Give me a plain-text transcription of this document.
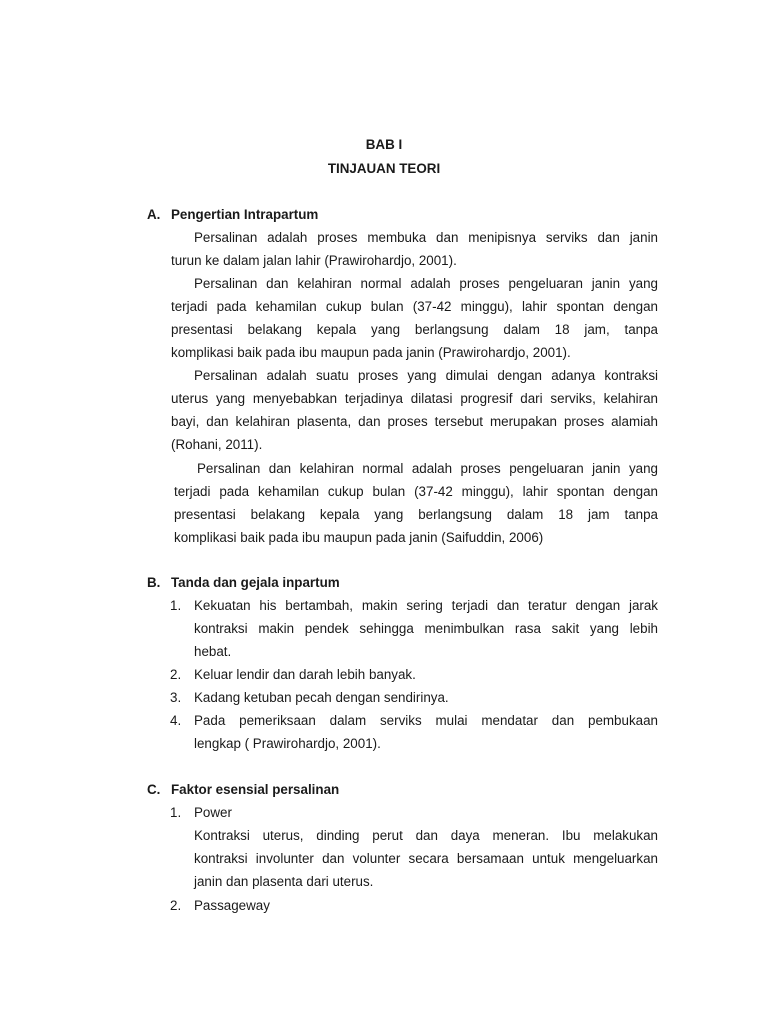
BAB I
TINJAUAN TEORI
A. Pengertian Intrapartum
Persalinan adalah proses membuka dan menipisnya serviks dan janin
turun ke dalam jalan lahir (Prawirohardjo, 2001).
Persalinan dan kelahiran normal adalah proses pengeluaran janin yang
terjadi pada kehamilan cukup bulan (37-42 minggu), lahir spontan dengan
presentasi belakang kepala yang berlangsung dalam 18 jam, tanpa
komplikasi baik pada ibu maupun pada janin (Prawirohardjo, 2001).
Persalinan adalah suatu proses yang dimulai dengan adanya kontraksi
uterus yang menyebabkan terjadinya dilatasi progresif dari serviks, kelahiran
bayi, dan kelahiran plasenta, dan proses tersebut merupakan proses alamiah
(Rohani, 2011).
Persalinan dan kelahiran normal adalah proses pengeluaran janin yang
terjadi pada kehamilan cukup bulan (37-42 minggu), lahir spontan dengan
presentasi belakang kepala yang berlangsung dalam 18 jam tanpa
komplikasi baik pada ibu maupun pada janin (Saifuddin, 2006)
B. Tanda dan gejala inpartum
1. Kekuatan his bertambah, makin sering terjadi dan teratur dengan jarak
kontraksi makin pendek sehingga menimbulkan rasa sakit yang lebih
hebat.
2. Keluar lendir dan darah lebih banyak.
3. Kadang ketuban pecah dengan sendirinya.
4. Pada pemeriksaan dalam serviks mulai mendatar dan pembukaan
lengkap ( Prawirohardjo, 2001).
C. Faktor esensial persalinan
1. Power
Kontraksi uterus, dinding perut dan daya meneran. Ibu melakukan
kontraksi involunter dan volunter secara bersamaan untuk mengeluarkan
janin dan plasenta dari uterus.
2. Passageway
